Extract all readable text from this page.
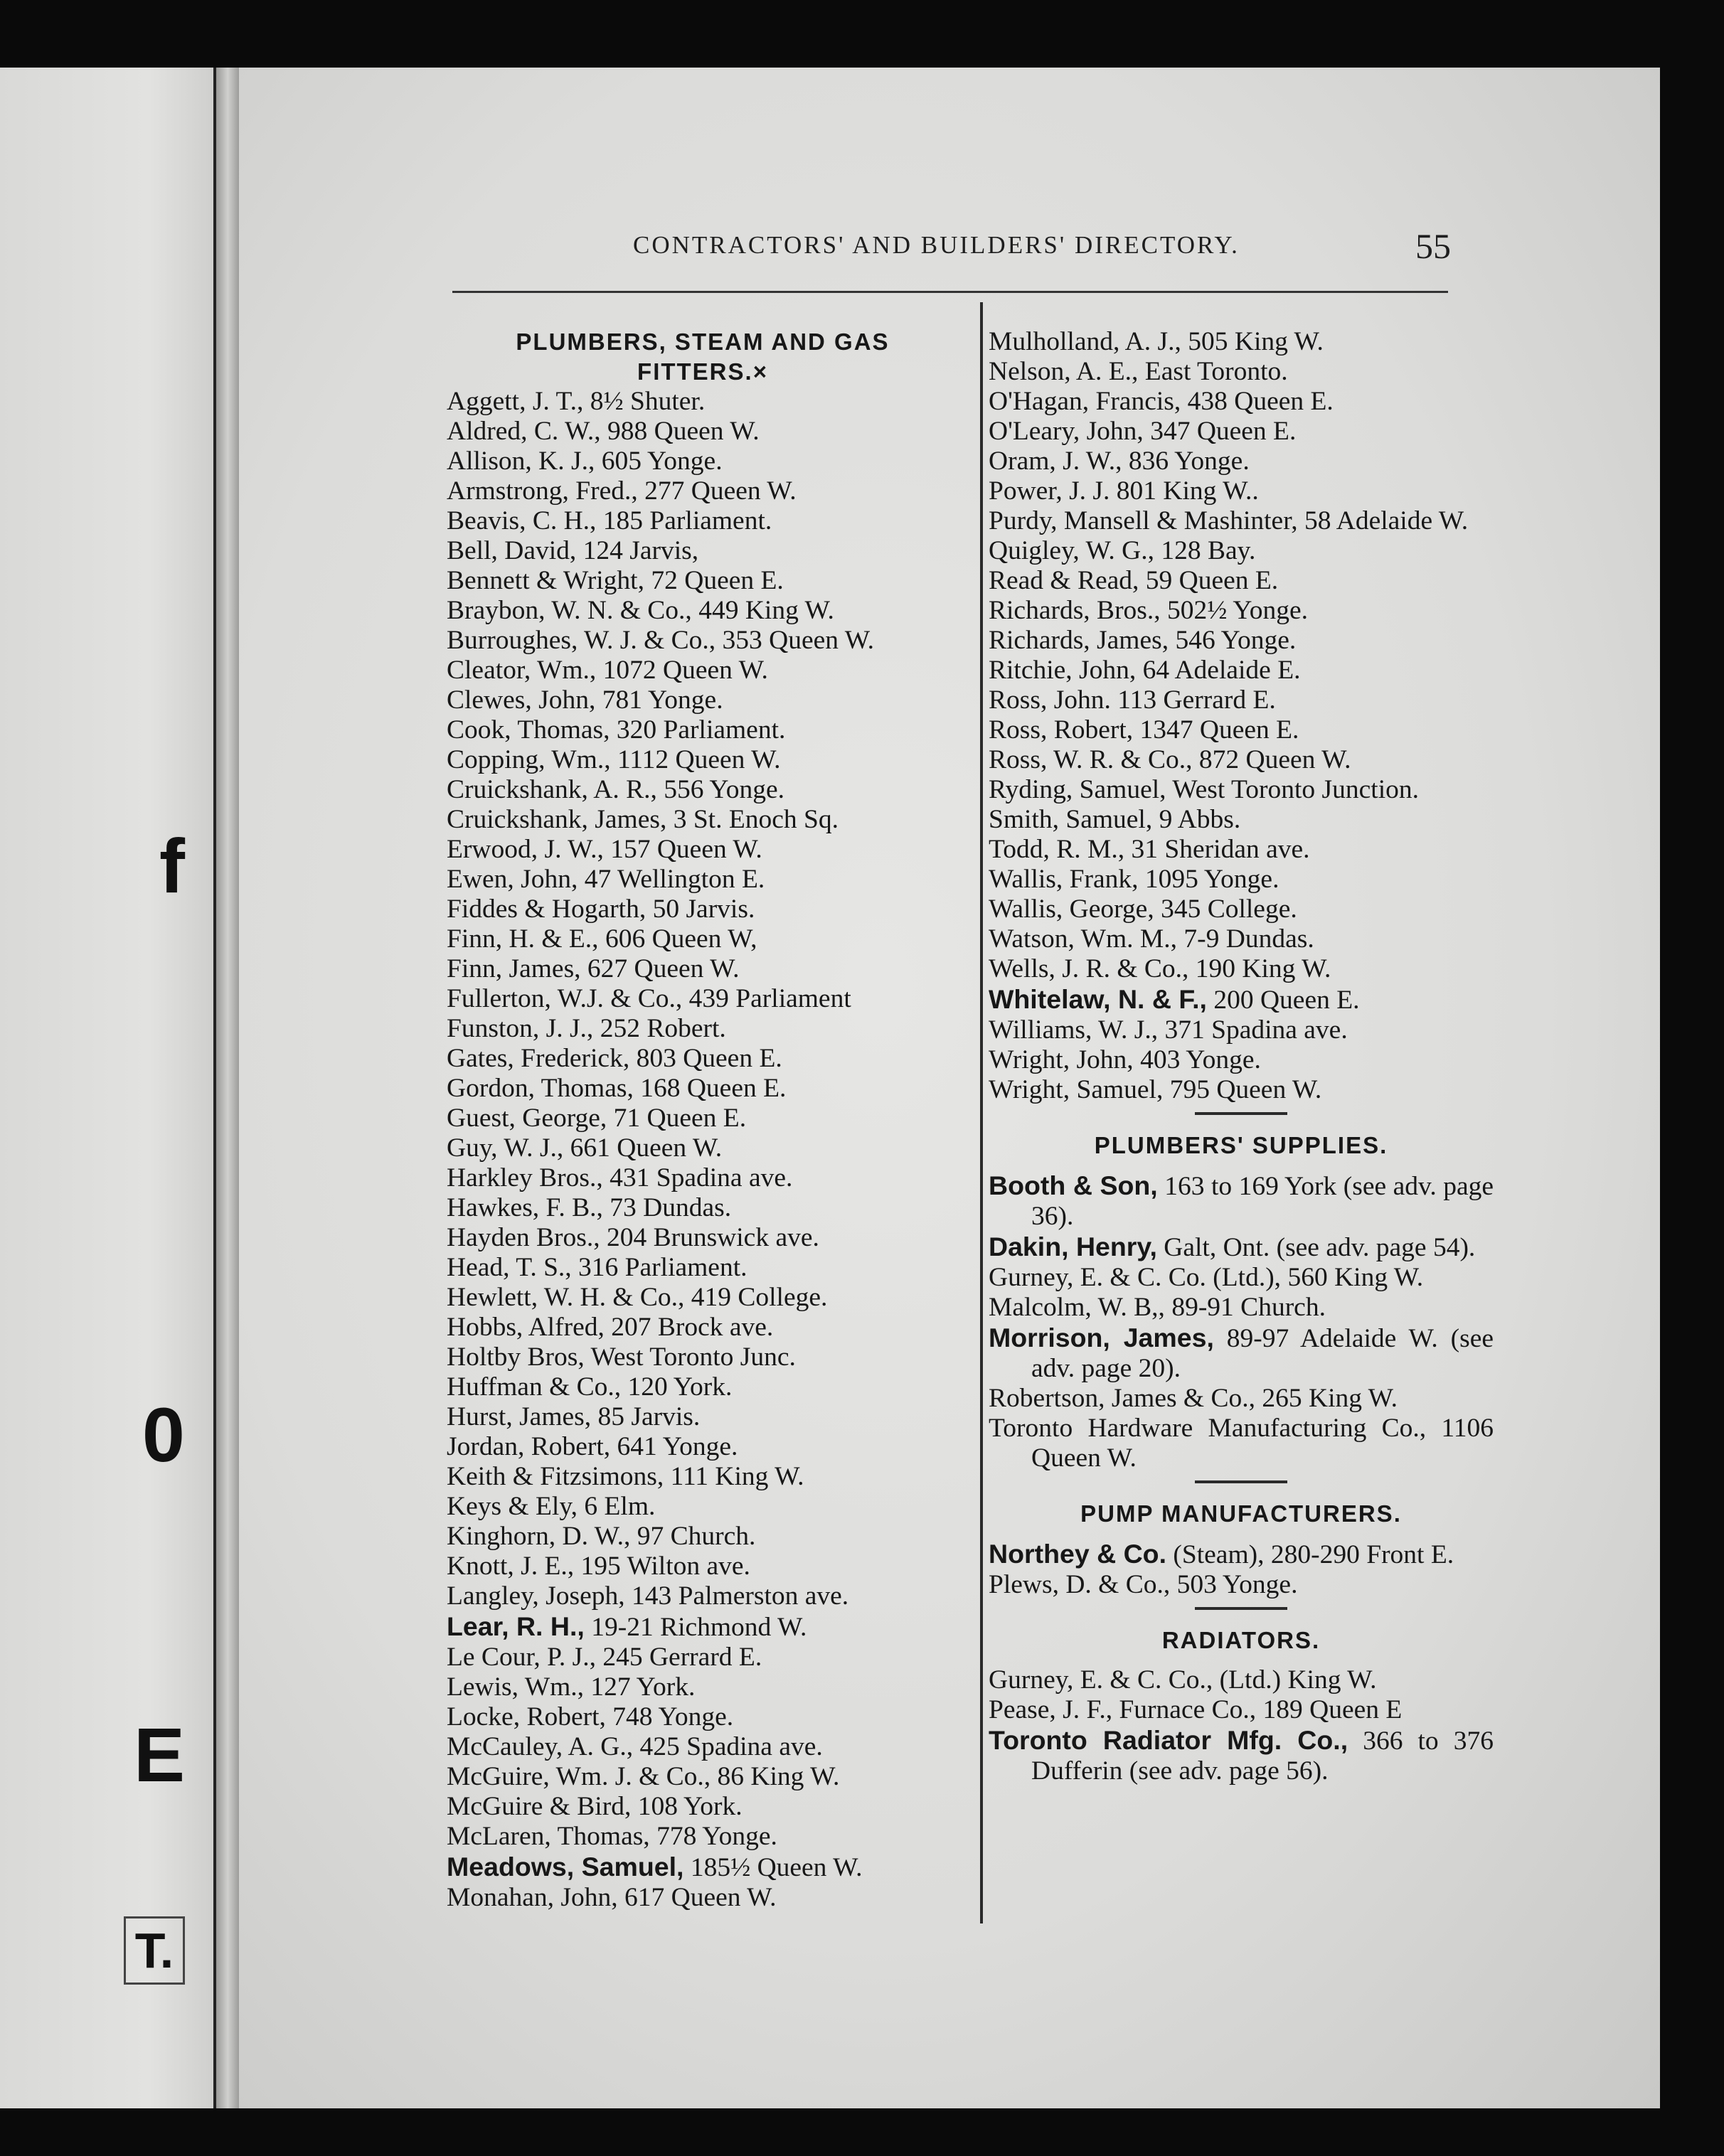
f
0
E
T.
CONTRACTORS' AND BUILDERS' DIRECTORY.	55
PLUMBERS, STEAM AND GAS FITTERS.×
Aggett, J. T., 8½ Shuter.
Aldred, C. W., 988 Queen W.
Allison, K. J., 605 Yonge.
Armstrong, Fred., 277 Queen W.
Beavis, C. H., 185 Parliament.
Bell, David, 124 Jarvis,
Bennett & Wright, 72 Queen E.
Braybon, W. N. & Co., 449 King W.
Burroughes, W. J. & Co., 353 Queen W.
Cleator, Wm., 1072 Queen W.
Clewes, John, 781 Yonge.
Cook, Thomas, 320 Parliament.
Copping, Wm., 1112 Queen W.
Cruickshank, A. R., 556 Yonge.
Cruickshank, James, 3 St. Enoch Sq.
Erwood, J. W., 157 Queen W.
Ewen, John, 47 Wellington E.
Fiddes & Hogarth, 50 Jarvis.
Finn, H. & E., 606 Queen W,
Finn, James, 627 Queen W.
Fullerton, W.J. & Co., 439 Parliament
Funston, J. J., 252 Robert.
Gates, Frederick, 803 Queen E.
Gordon, Thomas, 168 Queen E.
Guest, George, 71 Queen E.
Guy, W. J., 661 Queen W.
Harkley Bros., 431 Spadina ave.
Hawkes, F. B., 73 Dundas.
Hayden Bros., 204 Brunswick ave.
Head, T. S., 316 Parliament.
Hewlett, W. H. & Co., 419 College.
Hobbs, Alfred, 207 Brock ave.
Holtby Bros, West Toronto Junc.
Huffman & Co., 120 York.
Hurst, James, 85 Jarvis.
Jordan, Robert, 641 Yonge.
Keith & Fitzsimons, 111 King W.
Keys & Ely, 6 Elm.
Kinghorn, D. W., 97 Church.
Knott, J. E., 195 Wilton ave.
Langley, Joseph, 143 Palmerston ave.
Lear, R. H., 19-21 Richmond W.
Le Cour, P. J., 245 Gerrard E.
Lewis, Wm., 127 York.
Locke, Robert, 748 Yonge.
McCauley, A. G., 425 Spadina ave.
McGuire, Wm. J. & Co., 86 King W.
McGuire & Bird, 108 York.
McLaren, Thomas, 778 Yonge.
Meadows, Samuel, 185½ Queen W.
Monahan, John, 617 Queen W.
Mulholland, A. J., 505 King W.
Nelson, A. E., East Toronto.
O'Hagan, Francis, 438 Queen E.
O'Leary, John, 347 Queen E.
Oram, J. W., 836 Yonge.
Power, J. J. 801 King W..
Purdy, Mansell & Mashinter, 58 Adelaide W.
Quigley, W. G., 128 Bay.
Read & Read, 59 Queen E.
Richards, Bros., 502½ Yonge.
Richards, James, 546 Yonge.
Ritchie, John, 64 Adelaide E.
Ross, John. 113 Gerrard E.
Ross, Robert, 1347 Queen E.
Ross, W. R. & Co., 872 Queen W.
Ryding, Samuel, West Toronto Junction.
Smith, Samuel, 9 Abbs.
Todd, R. M., 31 Sheridan ave.
Wallis, Frank, 1095 Yonge.
Wallis, George, 345 College.
Watson, Wm. M., 7-9 Dundas.
Wells, J. R. & Co., 190 King W.
Whitelaw, N. & F., 200 Queen E.
Williams, W. J., 371 Spadina ave.
Wright, John, 403 Yonge.
Wright, Samuel, 795 Queen W.
PLUMBERS' SUPPLIES.
Booth & Son, 163 to 169 York (see adv. page 36).
Dakin, Henry, Galt, Ont. (see adv. page 54).
Gurney, E. & C. Co. (Ltd.), 560 King W.
Malcolm, W. B,, 89-91 Church.
Morrison, James, 89-97 Adelaide W. (see adv. page 20).
Robertson, James & Co., 265 King W.
Toronto Hardware Manufacturing Co., 1106 Queen W.
PUMP MANUFACTURERS.
Northey & Co. (Steam), 280-290 Front E.
Plews, D. & Co., 503 Yonge.
RADIATORS.
Gurney, E. & C. Co., (Ltd.) King W.
Pease, J. F., Furnace Co., 189 Queen E
Toronto Radiator Mfg. Co., 366 to 376 Dufferin (see adv. page 56).
